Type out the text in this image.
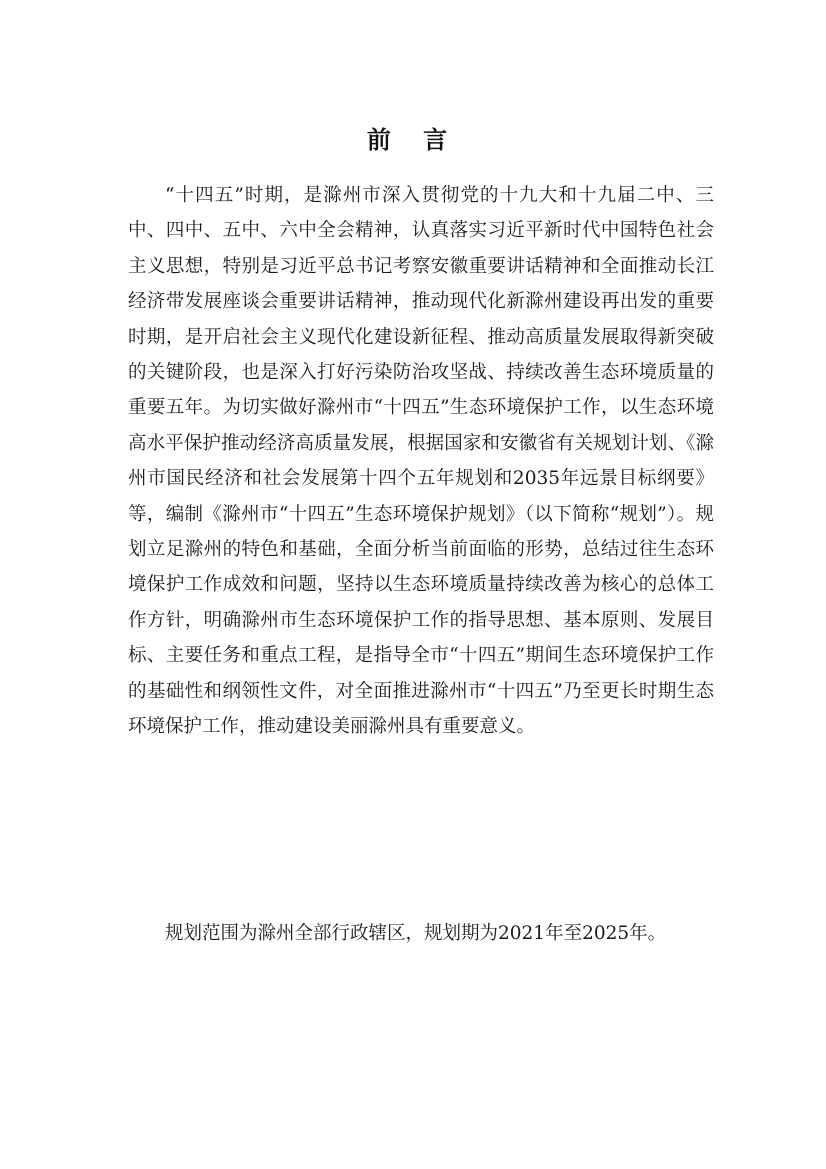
前 言

“十四五”时期，是滁州市深入贯彻党的十九大和十九届二中、三中、四中、五中、六中全会精神，认真落实习近平新时代中国特色社会主义思想，特别是习近平总书记考察安徽重要讲话精神和全面推动长江经济带发展座谈会重要讲话精神，推动现代化新滁州建设再出发的重要时期，是开启社会主义现代化建设新征程、推动高质量发展取得新突破的关键阶段，也是深入打好污染防治攻坚战、持续改善生态环境质量的重要五年。为切实做好滁州市“十四五”生态环境保护工作，以生态环境高水平保护推动经济高质量发展，根据国家和安徽省有关规划计划、《滁州市国民经济和社会发展第十四个五年规划和2035年远景目标纲要》等，编制《滁州市“十四五”生态环境保护规划》（以下简称“规划”）。规划立足滁州的特色和基础，全面分析当前面临的形势，总结过往生态环境保护工作成效和问题，坚持以生态环境质量持续改善为核心的总体工作方针，明确滁州市生态环境保护工作的指导思想、基本原则、发展目标、主要任务和重点工程，是指导全市“十四五”期间生态环境保护工作的基础性和纲领性文件，对全面推进滁州市“十四五”乃至更长时期生态环境保护工作，推动建设美丽滁州具有重要意义。

规划范围为滁州全部行政辖区，规划期为2021年至2025年。
